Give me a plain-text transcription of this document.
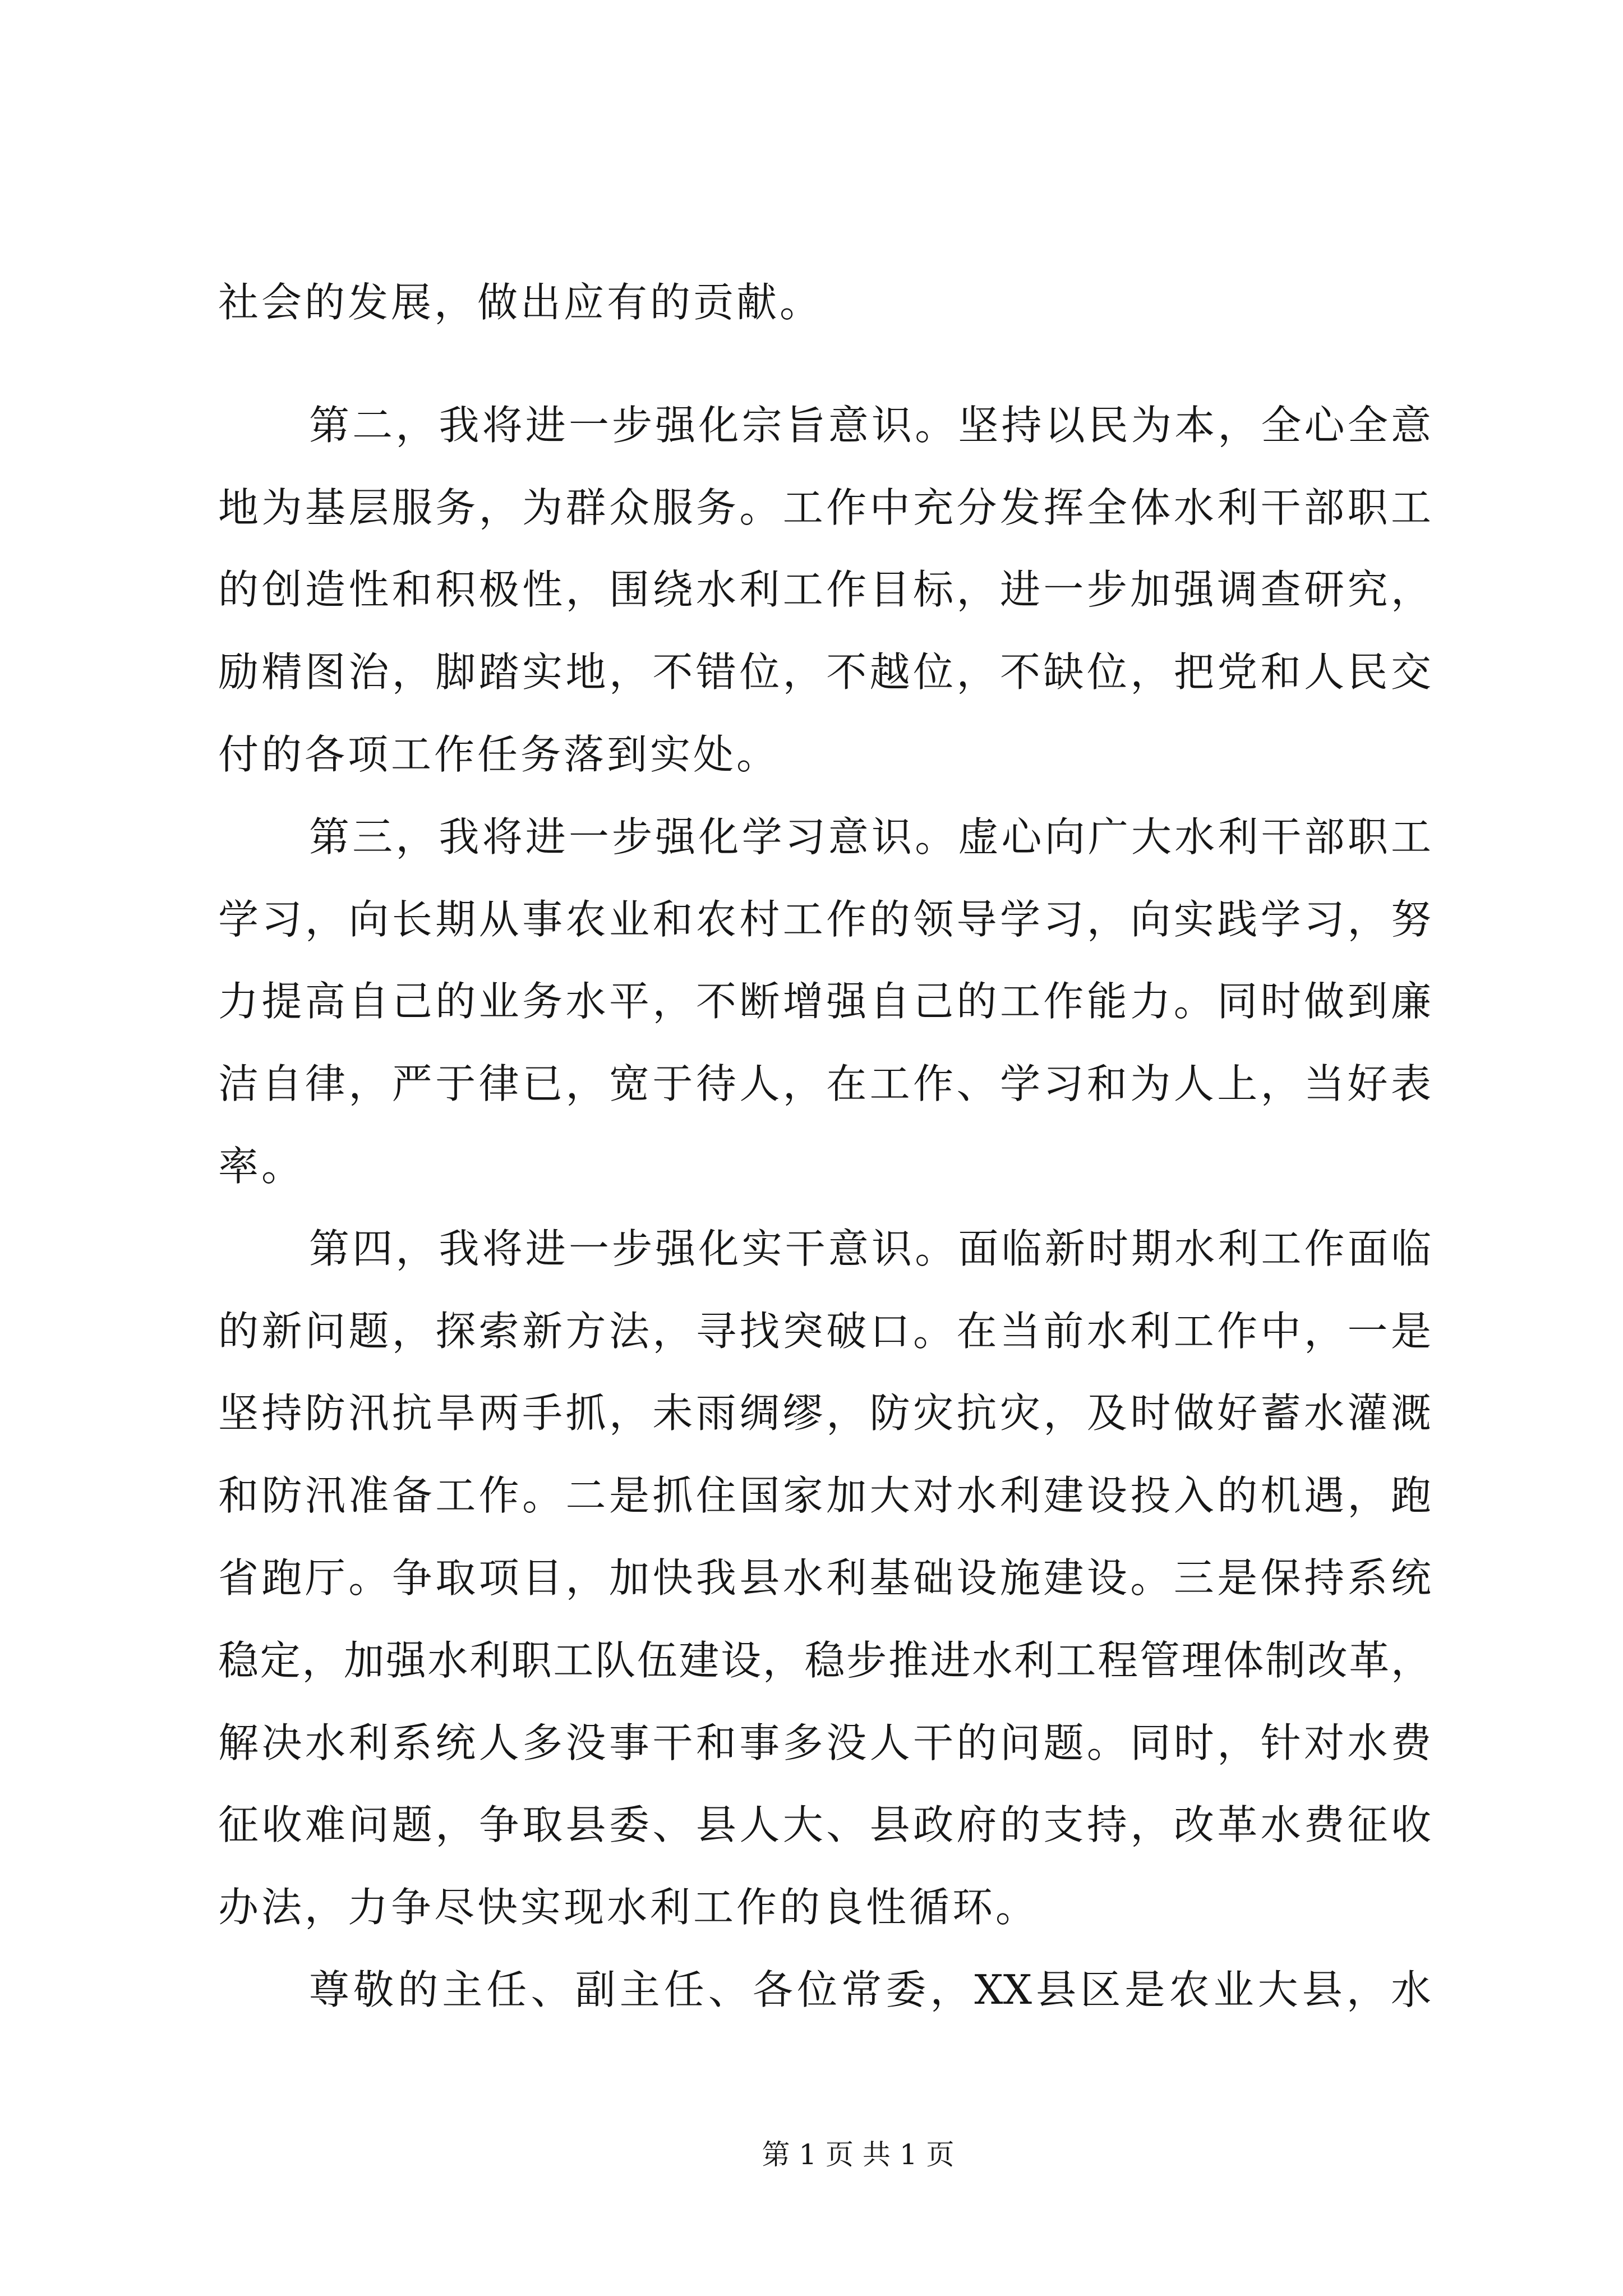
社会的发展，做出应有的贡献。
第二，我将进一步强化宗旨意识。坚持以民为本，全心全意
地为基层服务，为群众服务。工作中充分发挥全体水利干部职工
的创造性和积极性，围绕水利工作目标，进一步加强调查研究，
励精图治，脚踏实地，不错位，不越位，不缺位，把党和人民交
付的各项工作任务落到实处。
第三，我将进一步强化学习意识。虚心向广大水利干部职工
学习，向长期从事农业和农村工作的领导学习，向实践学习，努
力提高自己的业务水平，不断增强自己的工作能力。同时做到廉
洁自律，严于律已，宽于待人，在工作、学习和为人上，当好表
率。
第四，我将进一步强化实干意识。面临新时期水利工作面临
的新问题，探索新方法，寻找突破口。在当前水利工作中，一是
坚持防汛抗旱两手抓，未雨绸缪，防灾抗灾，及时做好蓄水灌溉
和防汛准备工作。二是抓住国家加大对水利建设投入的机遇，跑
省跑厅。争取项目，加快我县水利基础设施建设。三是保持系统
稳定，加强水利职工队伍建设，稳步推进水利工程管理体制改革，
解决水利系统人多没事干和事多没人干的问题。同时，针对水费
征收难问题，争取县委、县人大、县政府的支持，改革水费征收
办法，力争尽快实现水利工作的良性循环。
尊敬的主任、副主任、各位常委，XX县区是农业大县，水
第 1 页 共 1 页
